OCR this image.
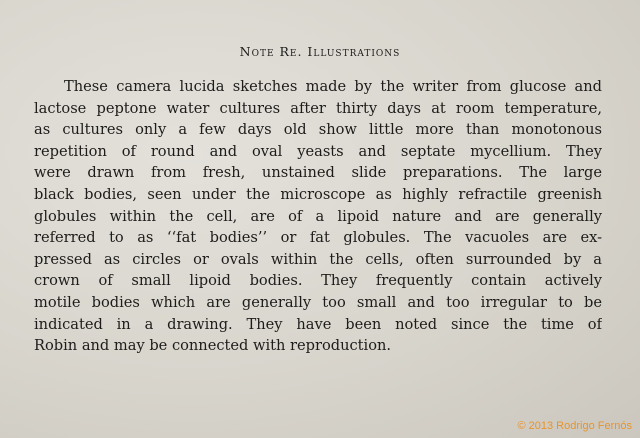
Note Re. Illustrations
These camera lucida sketches made by the writer from glucose and
lactose peptone water cultures after thirty days at room temperature,
as cultures only a few days old show little more than monotonous
repetition of round and oval yeasts and septate mycellium. They
were drawn from fresh, unstained slide preparations. The large
black bodies, seen under the microscope as highly refractile greenish
globules within the cell, are of a lipoid nature and are generally
referred to as ‘‘fat bodies’’ or fat globules. The vacuoles are ex-
pressed as circles or ovals within the cells, often surrounded by a
crown of small lipoid bodies. They frequently contain actively
motile bodies which are generally too small and too irregular to be
indicated in a drawing. They have been noted since the time of
Robin and may be connected with reproduction.
© 2013 Rodrigo Fernós
